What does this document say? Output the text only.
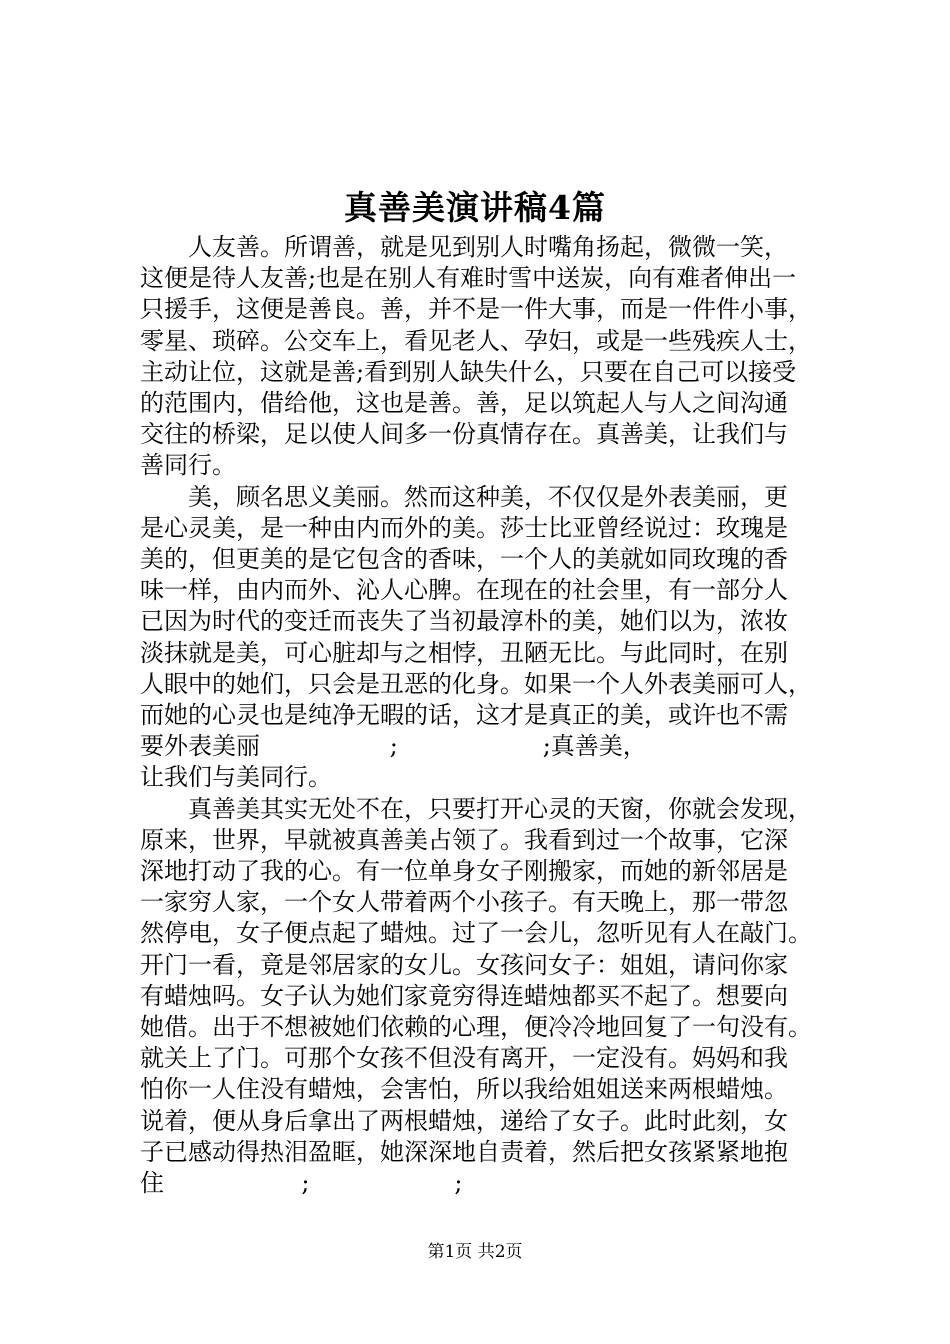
真善美演讲稿4篇

人友善。所谓善，就是见到别人时嘴角扬起，微微一笑，
这便是待人友善;也是在别人有难时雪中送炭，向有难者伸出一
只援手，这便是善良。善，并不是一件大事，而是一件件小事，
零星、琐碎。公交车上，看见老人、孕妇，或是一些残疾人士，
主动让位，这就是善;看到别人缺失什么，只要在自己可以接受
的范围内，借给他，这也是善。善，足以筑起人与人之间沟通
交往的桥梁，足以使人间多一份真情存在。真善美，让我们与
善同行。

美，顾名思义美丽。然而这种美，不仅仅是外表美丽，更
是心灵美，是一种由内而外的美。莎士比亚曾经说过：玫瑰是
美的，但更美的是它包含的香味，一个人的美就如同玫瑰的香
味一样，由内而外、沁人心脾。在现在的社会里，有一部分人
已因为时代的变迁而丧失了当初最淳朴的美，她们以为，浓妆
淡抹就是美，可心脏却与之相悖，丑陋无比。与此同时，在别
人眼中的她们，只会是丑恶的化身。如果一个人外表美丽可人，
而她的心灵也是纯净无暇的话，这才是真正的美，或许也不需
要外表美丽                 ;                   ;真善美，
让我们与美同行。

真善美其实无处不在，只要打开心灵的天窗，你就会发现，
原来，世界，早就被真善美占领了。我看到过一个故事，它深
深地打动了我的心。有一位单身女子刚搬家，而她的新邻居是
一家穷人家，一个女人带着两个小孩子。有天晚上，那一带忽
然停电，女子便点起了蜡烛。过了一会儿，忽听见有人在敲门。
开门一看，竟是邻居家的女儿。女孩问女子：姐姐，请问你家
有蜡烛吗。女子认为她们家竟穷得连蜡烛都买不起了。想要向
她借。出于不想被她们依赖的心理，便冷冷地回复了一句没有。
就关上了门。可那个女孩不但没有离开，一定没有。妈妈和我
怕你一人住没有蜡烛，会害怕，所以我给姐姐送来两根蜡烛。
说着，便从身后拿出了两根蜡烛，递给了女子。此时此刻，女
子已感动得热泪盈眶，她深深地自责着，然后把女孩紧紧地抱
住                  ;                   ;

第1页 共2页
